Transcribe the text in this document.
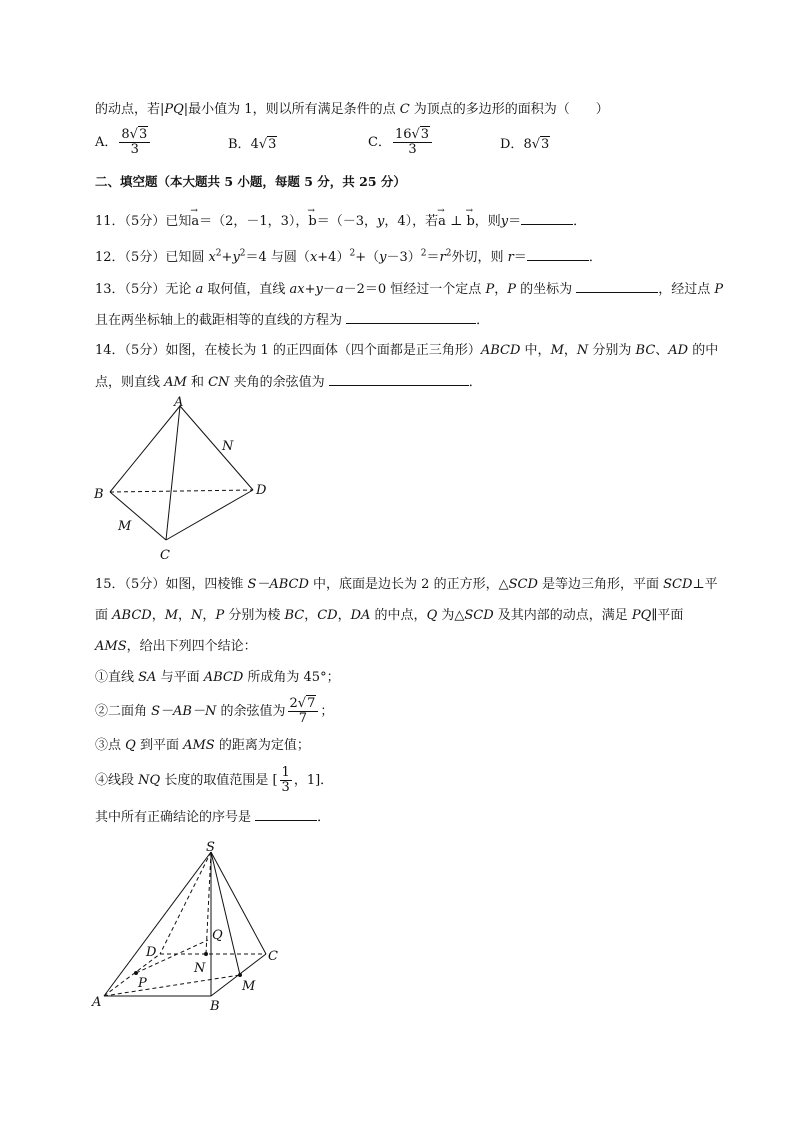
的动点，若|PQ|最小值为 1，则以所有满足条件的点 C 为顶点的多边形的面积为（　　）
A． $\frac{8√3}{3}$	B．4√3	C． $\frac{16√3}{3}$	D．8√3
二、填空题（本大题共 5 小题，每题 5 分，共 25 分）
11．（5分）已知→ a＝（2，－1，3），→ b＝（－3，y，4），若→ a ⊥ → b，则y＝	．
12．（5分）已知圆 $x^2+y^2=4$ 与圆$(x+4)^2+(y-3)^2=r^2$外切，则 r＝	．
13．（5分）无论 a 取何值，直线 ax+y－a－2＝0 恒经过一个定点 P，P 的坐标为	，经过点 P
且在两坐标轴上的截距相等的直线的方程为	．
14．（5分）如图，在棱长为 1 的正四面体（四个面都是正三角形）ABCD 中，M，N 分别为 BC、AD 的中
点，则直线 AM 和 CN 夹角的余弦值为	．
A
B
C
D
M
N
15．（5分）如图，四棱锥 S－ABCD 中，底面是边长为 2 的正方形，△SCD 是等边三角形，平面 SCD⊥平
面 ABCD，M，N，P 分别为棱 BC，CD，DA 的中点，Q 为△SCD 及其内部的动点，满足 PQ∥平面
AMS，给出下列四个结论：
①直线 SA 与平面 ABCD 所成角为 45°；
②二面角 S－AB－N 的余弦值为 $\frac{2√7}{7}$ ；
③点 Q 到平面 AMS 的距离为定值；
④线段 NQ 长度的取值范围是 [ $\frac{1}{3}$ ，1]．
其中所有正确结论的序号是	．
S
A	B
C
D
M
N
P
Q
